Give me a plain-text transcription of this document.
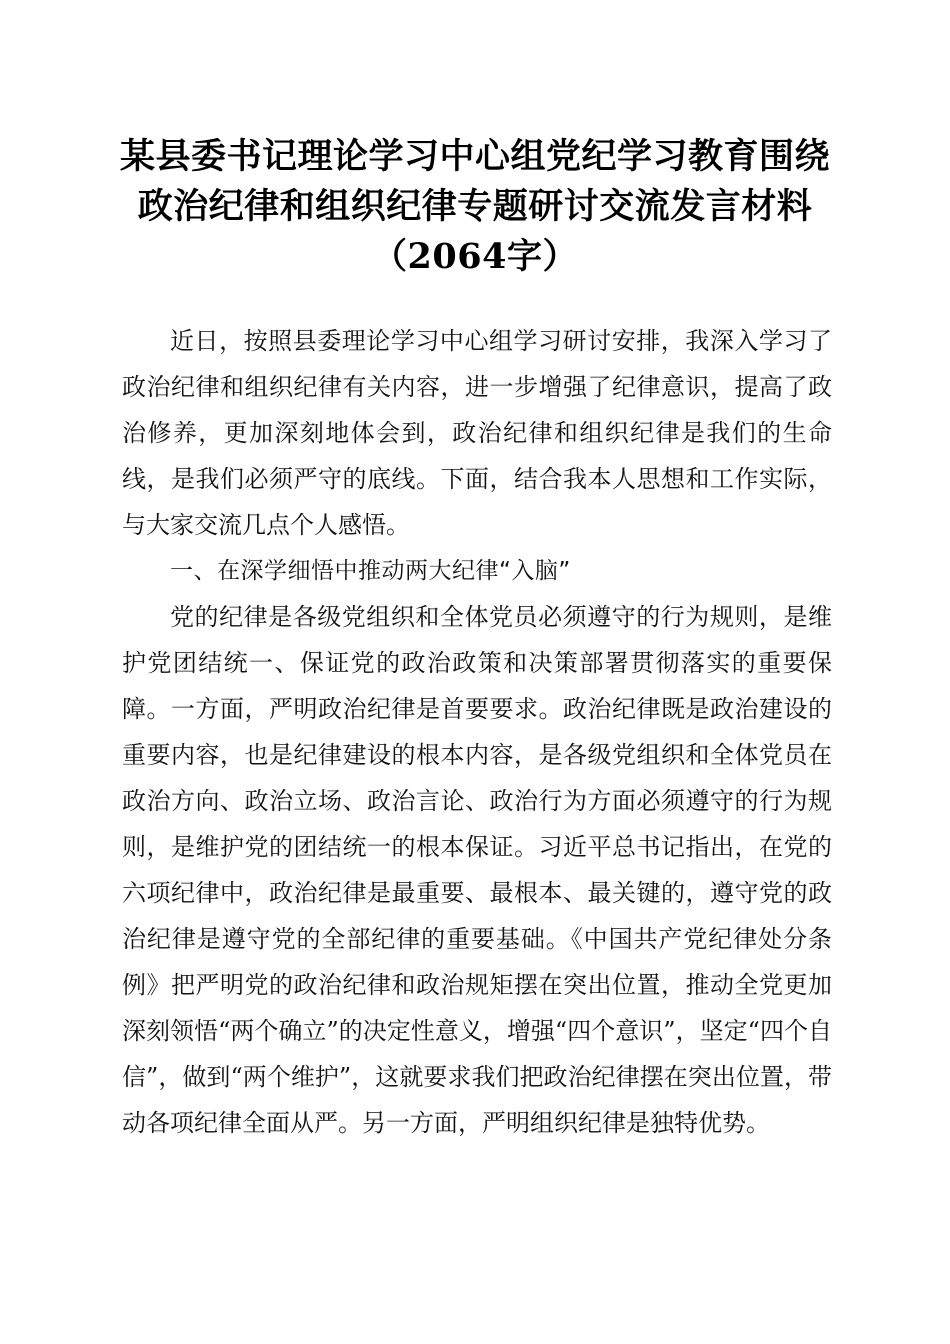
某县委书记理论学习中心组党纪学习教育围绕
政治纪律和组织纪律专题研讨交流发言材料
（2064字）

近日，按照县委理论学习中心组学习研讨安排，我深入学习了政治纪律和组织纪律有关内容，进一步增强了纪律意识，提高了政治修养，更加深刻地体会到，政治纪律和组织纪律是我们的生命线，是我们必须严守的底线。下面，结合我本人思想和工作实际，与大家交流几点个人感悟。

一、在深学细悟中推动两大纪律“入脑”

党的纪律是各级党组织和全体党员必须遵守的行为规则，是维护党团结统一、保证党的政治政策和决策部署贯彻落实的重要保障。一方面，严明政治纪律是首要要求。政治纪律既是政治建设的重要内容，也是纪律建设的根本内容，是各级党组织和全体党员在政治方向、政治立场、政治言论、政治行为方面必须遵守的行为规则，是维护党的团结统一的根本保证。习近平总书记指出，在党的六项纪律中，政治纪律是最重要、最根本、最关键的，遵守党的政治纪律是遵守党的全部纪律的重要基础。《中国共产党纪律处分条例》把严明党的政治纪律和政治规矩摆在突出位置，推动全党更加深刻领悟“两个确立”的决定性意义，增强“四个意识”，坚定“四个自信”，做到“两个维护”，这就要求我们把政治纪律摆在突出位置，带动各项纪律全面从严。另一方面，严明组织纪律是独特优势。
